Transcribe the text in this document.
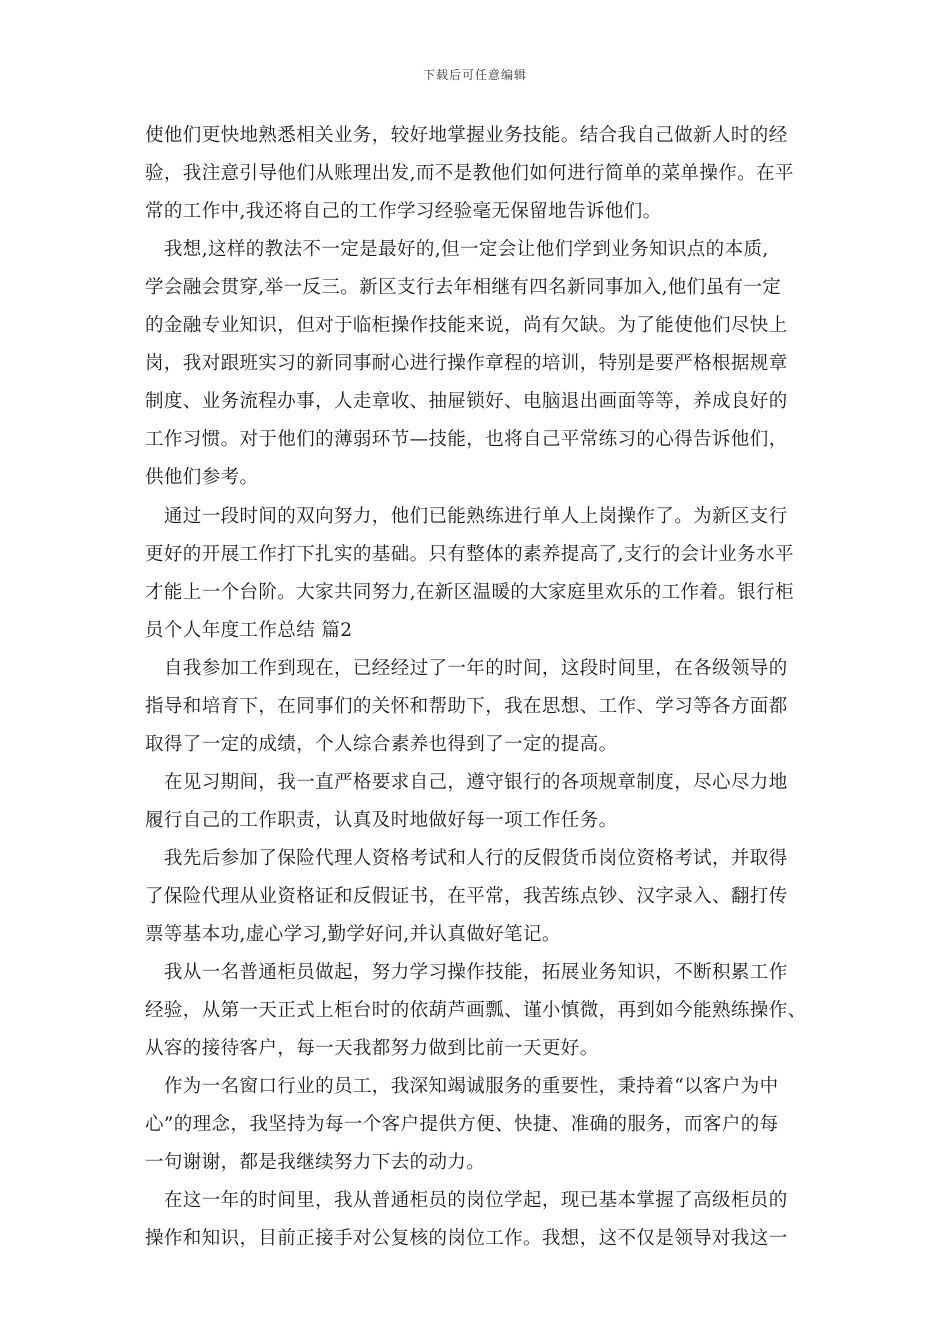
下载后可任意编辑
使他们更快地熟悉相关业务，较好地掌握业务技能。结合我自己做新人时的经
验，我注意引导他们从账理出发,而不是教他们如何进行简单的菜单操作。在平
常的工作中,我还将自己的工作学习经验毫无保留地告诉他们。
　我想,这样的教法不一定是最好的,但一定会让他们学到业务知识点的本质,
学会融会贯穿,举一反三。新区支行去年相继有四名新同事加入,他们虽有一定
的金融专业知识，但对于临柜操作技能来说，尚有欠缺。为了能使他们尽快上
岗，我对跟班实习的新同事耐心进行操作章程的培训，特别是要严格根据规章
制度、业务流程办事，人走章收、抽屉锁好、电脑退出画面等等，养成良好的
工作习惯。对于他们的薄弱环节—技能，也将自己平常练习的心得告诉他们，
供他们参考。
　通过一段时间的双向努力，他们已能熟练进行单人上岗操作了。为新区支行
更好的开展工作打下扎实的基础。只有整体的素养提高了,支行的会计业务水平
才能上一个台阶。大家共同努力,在新区温暖的大家庭里欢乐的工作着。银行柜
员个人年度工作总结 篇2
　自我参加工作到现在，已经经过了一年的时间，这段时间里，在各级领导的
指导和培育下，在同事们的关怀和帮助下，我在思想、工作、学习等各方面都
取得了一定的成绩，个人综合素养也得到了一定的提高。
　在见习期间，我一直严格要求自己，遵守银行的各项规章制度，尽心尽力地
履行自己的工作职责，认真及时地做好每一项工作任务。
　我先后参加了保险代理人资格考试和人行的反假货币岗位资格考试，并取得
了保险代理从业资格证和反假证书，在平常，我苦练点钞、汉字录入、翻打传
票等基本功,虚心学习,勤学好问,并认真做好笔记。
　我从一名普通柜员做起，努力学习操作技能，拓展业务知识，不断积累工作
经验，从第一天正式上柜台时的依葫芦画瓢、谨小慎微，再到如今能熟练操作、
从容的接待客户，每一天我都努力做到比前一天更好。
　作为一名窗口行业的员工，我深知竭诚服务的重要性，秉持着“以客户为中
心”的理念，我坚持为每一个客户提供方便、快捷、准确的服务，而客户的每
一句谢谢，都是我继续努力下去的动力。
　在这一年的时间里，我从普通柜员的岗位学起，现已基本掌握了高级柜员的
操作和知识，目前正接手对公复核的岗位工作。我想，这不仅是领导对我这一
